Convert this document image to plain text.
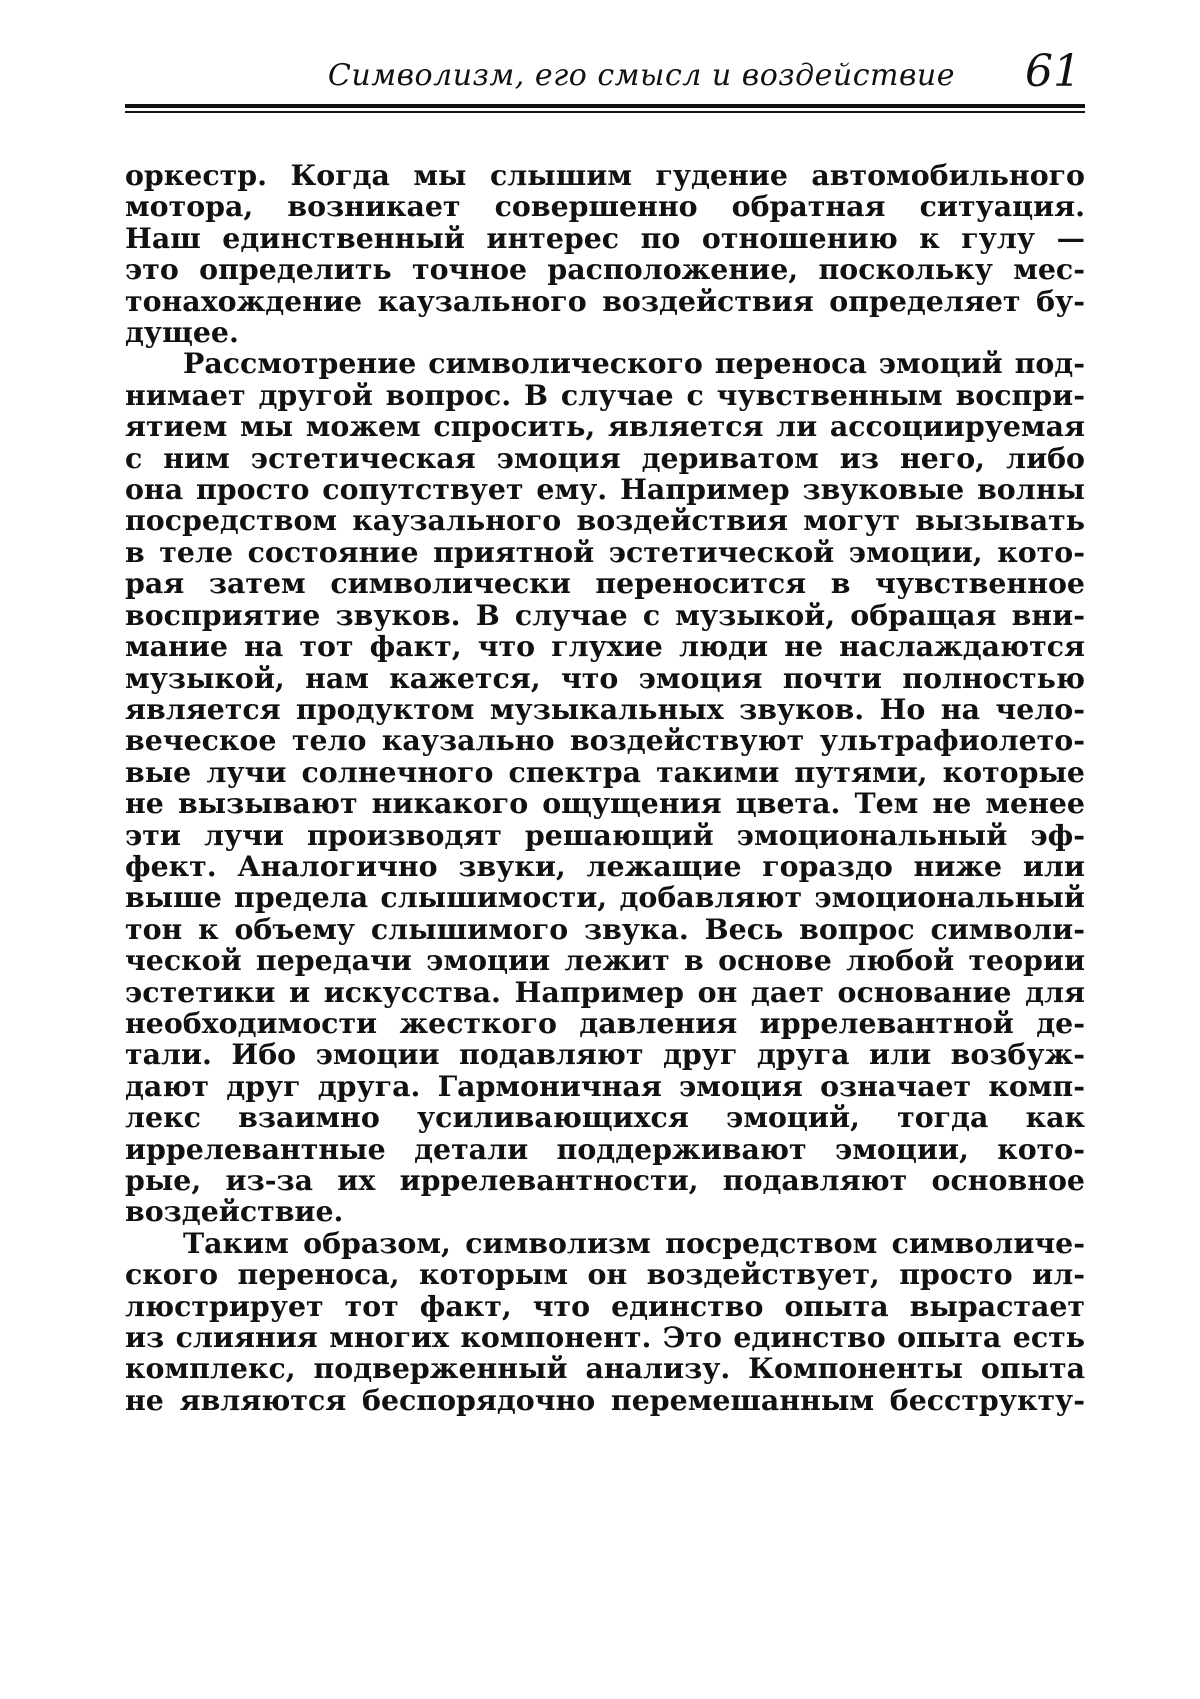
Символизм, его смысл и воздействие 61
оркестр. Когда мы слышим гудение автомобильного
мотора, возникает совершенно обратная ситуация.
Наш единственный интерес по отношению к гулу —
это определить точное расположение, поскольку мес-
тонахождение каузального воздействия определяет бу-
дущее.
Рассмотрение символического переноса эмоций под-
нимает другой вопрос. В случае с чувственным воспри-
ятием мы можем спросить, является ли ассоциируемая
с ним эстетическая эмоция дериватом из него, либо
она просто сопутствует ему. Например звуковые волны
посредством каузального воздействия могут вызывать
в теле состояние приятной эстетической эмоции, кото-
рая затем символически переносится в чувственное
восприятие звуков. В случае с музыкой, обращая вни-
мание на тот факт, что глухие люди не наслаждаются
музыкой, нам кажется, что эмоция почти полностью
является продуктом музыкальных звуков. Но на чело-
веческое тело каузально воздействуют ультрафиолето-
вые лучи солнечного спектра такими путями, которые
не вызывают никакого ощущения цвета. Тем не менее
эти лучи производят решающий эмоциональный эф-
фект. Аналогично звуки, лежащие гораздо ниже или
выше предела слышимости, добавляют эмоциональный
тон к объему слышимого звука. Весь вопрос символи-
ческой передачи эмоции лежит в основе любой теории
эстетики и искусства. Например он дает основание для
необходимости жесткого давления иррелевантной де-
тали. Ибо эмоции подавляют друг друга или возбуж-
дают друг друга. Гармоничная эмоция означает комп-
лекс взаимно усиливающихся эмоций, тогда как
иррелевантные детали поддерживают эмоции, кото-
рые, из-за их иррелевантности, подавляют основное
воздействие.
Таким образом, символизм посредством символиче-
ского переноса, которым он воздействует, просто ил-
люстрирует тот факт, что единство опыта вырастает
из слияния многих компонент. Это единство опыта есть
комплекс, подверженный анализу. Компоненты опыта
не являются беспорядочно перемешанным бесструкту-
